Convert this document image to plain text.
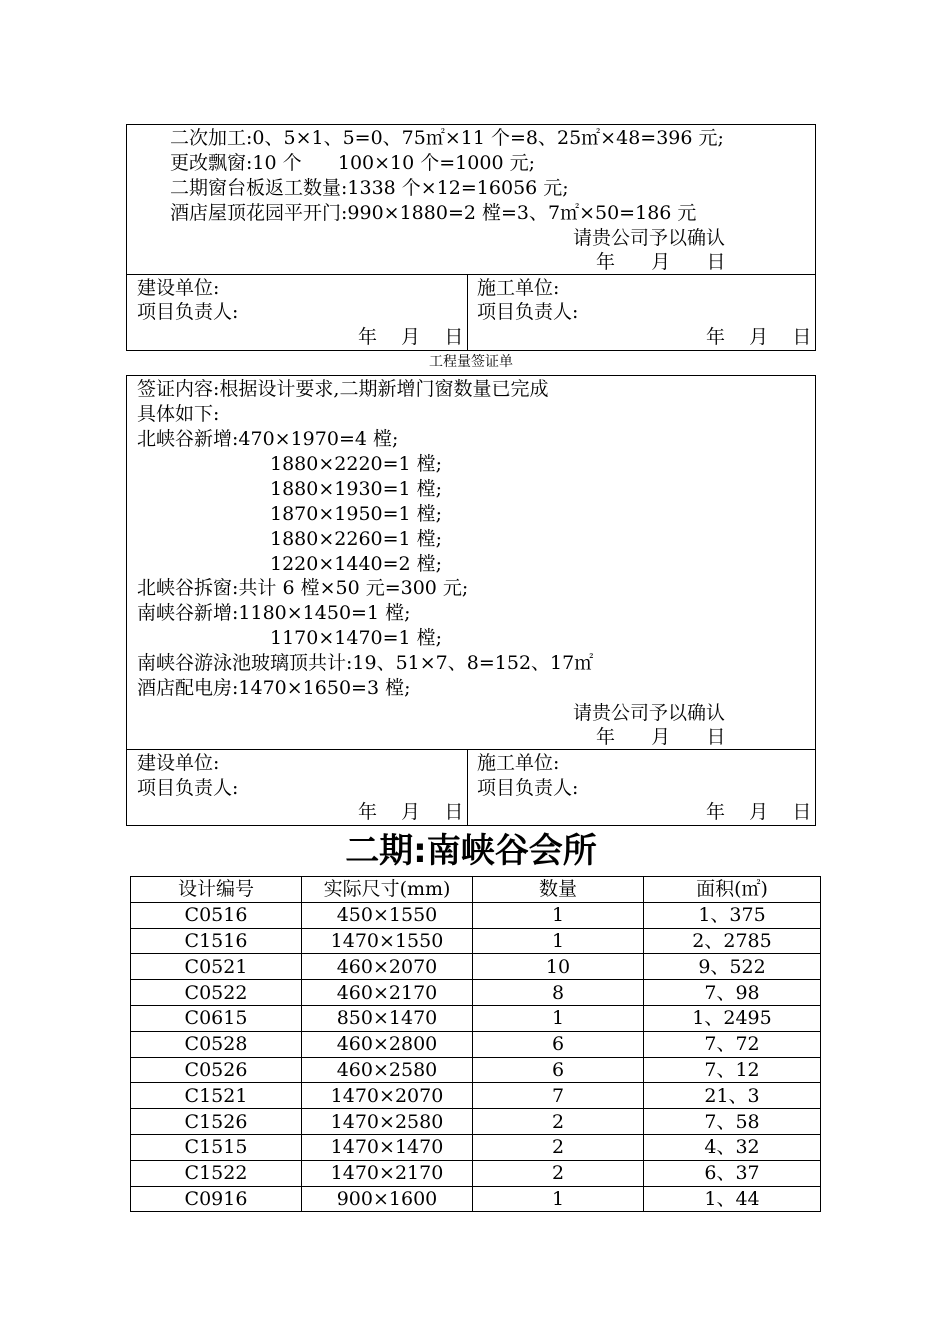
二次加工:0、5×1、5=0、75㎡×11 个=8、25㎡×48=396 元;
更改飘窗:10 个      100×10 个=1000 元;
二期窗台板返工数量:1338 个×12=16056 元;
酒店屋顶花园平开门:990×1880=2 樘=3、7㎡×50=186 元
请贵公司予以确认
年      月      日
建设单位:
项目负责人:
年    月    日
施工单位:
项目负责人:
年    月    日
工程量签证单
签证内容:根据设计要求,二期新增门窗数量已完成
具体如下:
北峡谷新增:470×1970=4 樘;
1880×2220=1 樘;
1880×1930=1 樘;
1870×1950=1 樘;
1880×2260=1 樘;
1220×1440=2 樘;
北峡谷拆窗:共计 6 樘×50 元=300 元;
南峡谷新增:1180×1450=1 樘;
1170×1470=1 樘;
南峡谷游泳池玻璃顶共计:19、51×7、8=152、17㎡
酒店配电房:1470×1650=3 樘;
请贵公司予以确认
年      月      日
建设单位:
项目负责人:
年    月    日
施工单位:
项目负责人:
年    月    日
二期:南峡谷会所
设计编号	实际尺寸(mm)	数量	面积(㎡)
C0516	450×1550	1	1、375
C1516	1470×1550	1	2、2785
C0521	460×2070	10	9、522
C0522	460×2170	8	7、98
C0615	850×1470	1	1、2495
C0528	460×2800	6	7、72
C0526	460×2580	6	7、12
C1521	1470×2070	7	21、3
C1526	1470×2580	2	7、58
C1515	1470×1470	2	4、32
C1522	1470×2170	2	6、37
C0916	900×1600	1	1、44
